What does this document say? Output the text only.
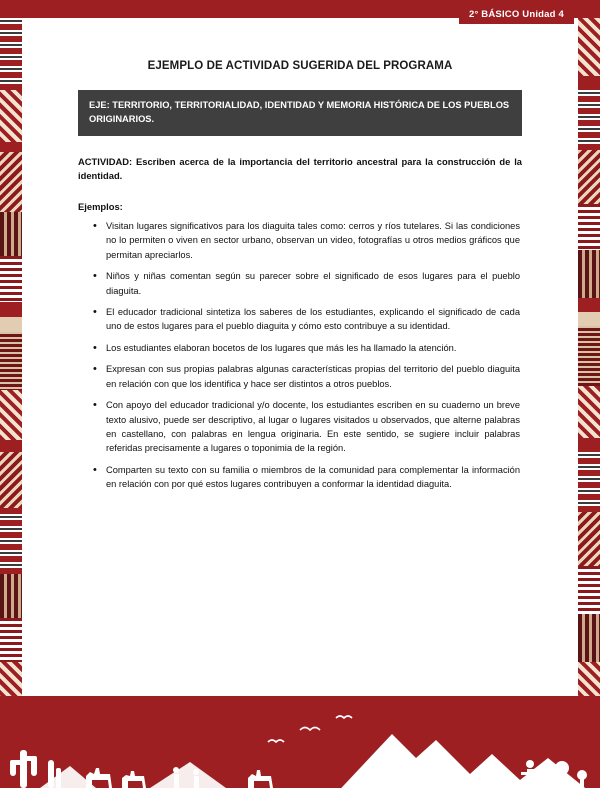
2° BÁSICO Unidad 4
EJEMPLO DE ACTIVIDAD SUGERIDA DEL PROGRAMA
EJE: TERRITORIO, TERRITORIALIDAD, IDENTIDAD Y MEMORIA HISTÓRICA DE LOS PUEBLOS ORIGINARIOS.
ACTIVIDAD: Escriben acerca de la importancia del territorio ancestral para la construcción de la identidad.
Ejemplos:
• Visitan lugares significativos para los diaguita tales como: cerros y ríos tutelares. Si las condiciones no lo permiten o viven en sector urbano, observan un video, fotografías u otros medios gráficos que permitan apreciarlos.
• Niños y niñas comentan según su parecer sobre el significado de esos lugares para el pueblo diaguita.
• El educador tradicional sintetiza los saberes de los estudiantes, explicando el significado de cada uno de estos lugares para el pueblo diaguita y cómo esto contribuye a su identidad.
• Los estudiantes elaboran bocetos de los lugares que más les ha llamado la atención.
• Expresan con sus propias palabras algunas características propias del territorio del pueblo diaguita en relación con que los identifica y hace ser distintos a otros pueblos.
• Con apoyo del educador tradicional y/o docente, los estudiantes escriben en su cuaderno un breve texto alusivo, puede ser descriptivo, al lugar o lugares visitados u observados, que alterne palabras en castellano, con palabras en lengua originaria. En este sentido, se sugiere incluir palabras referidas precisamente a lugares o toponimia de la región.
• Comparten su texto con su familia o miembros de la comunidad para complementar la información en relación con por qué estos lugares contribuyen a conformar la identidad diaguita.
